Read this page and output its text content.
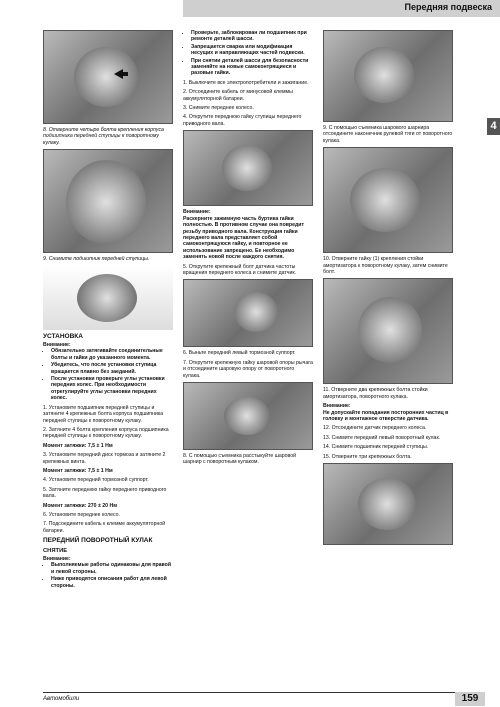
Передняя подвеска
4

8. Отверните четыре болта крепления корпуса подшипника передней ступицы к поворотному кулаку.

9. Снимите подшипник передней ступицы.

УСТАНОВКА
Внимание:
• Обязательно затягивайте соединительные болты и гайки до указанного момента.
• Убедитесь, что после установки ступица вращается плавно без заеданий.
• После установки проверьте углы установки передних колес. При необходимости отрегулируйте углы установки передних колес.

1. Установите подшипник передней ступицы и затяните 4 крепежных болта корпуса подшипника передней ступицы к поворотному кулаку.

2. Затяните 4 болта крепления корпуса подшипника передней ступицы к поворотному кулаку.

Момент затяжки: 7,5 ± 1 Нм

3. Установите передний диск тормоза и затяните 2 крепежных винта.

Момент затяжки: 7,5 ± 1 Нм

4. Установите передний тормозной суппорт.

5. Затяните переднюю гайку переднего приводного вала.

Момент затяжки: 270 ± 20 Нм

6. Установите переднее колесо.

7. Подсоедините кабель к клемме аккумуляторной батареи.

ПЕРЕДНИЙ ПОВОРОТНЫЙ КУЛАК
СНЯТИЕ
Внимание:
• Выполняемые работы одинаковы для правой и левой стороны.
• Ниже приводятся описания работ для левой стороны.
• Проверьте, заблокирован ли подшипник при ремонте деталей шасси.
• Запрещается сварка или модификация несущих и направляющих частей подвески.
• При снятии деталей шасси для безопасности заменяйте на новые самоконтрящиеся и разовые гайки.

1. Выключите все электропотребители и зажигание.

2. Отсоедините кабель от минусовой клеммы аккумуляторной батареи.

3. Снимите переднее колесо.

4. Открутите переднюю гайку ступицы переднего приводного вала.

Внимание:

Раскерните зажимную часть буртика гайки полностью. В противном случае она повредит резьбу приводного вала. Конструкция гайки переднего вала представляет собой самоконтрящуюся гайку, и повторное ее использование запрещено. Ее необходимо заменять новой после каждого снятия.

5. Открутите крепежный болт датчика частоты вращения переднего колеса и снимите датчик.

6. Выньте передний левый тормозной суппорт.

7. Открутите крепежную гайку шаровой опоры рычага и отсоедините шаровую опору от поворотного кулака.

8. С помощью съемника расстыкуйте шаровой шарнир с поворотным кулаком.

9. С помощью съемника шарового шарнира отсоедините наконечник рулевой тяги от поворотного кулака.

10. Отверните гайку (1) крепления стойки амортизатора к поворотному кулаку, затем снимите болт.

11. Отверните два крепежных болта стойки амортизатора, поворотного кулака.

Внимание:

Не допускайте попадания посторонних частиц в головку и монтажное отверстие датчика.

12. Отсоедините датчик переднего колеса.

13. Снимите передний левый поворотный кулак.

14. Снимите подшипник передней ступицы.

15. Отверните три крепежных болта.

Автомобили	159
